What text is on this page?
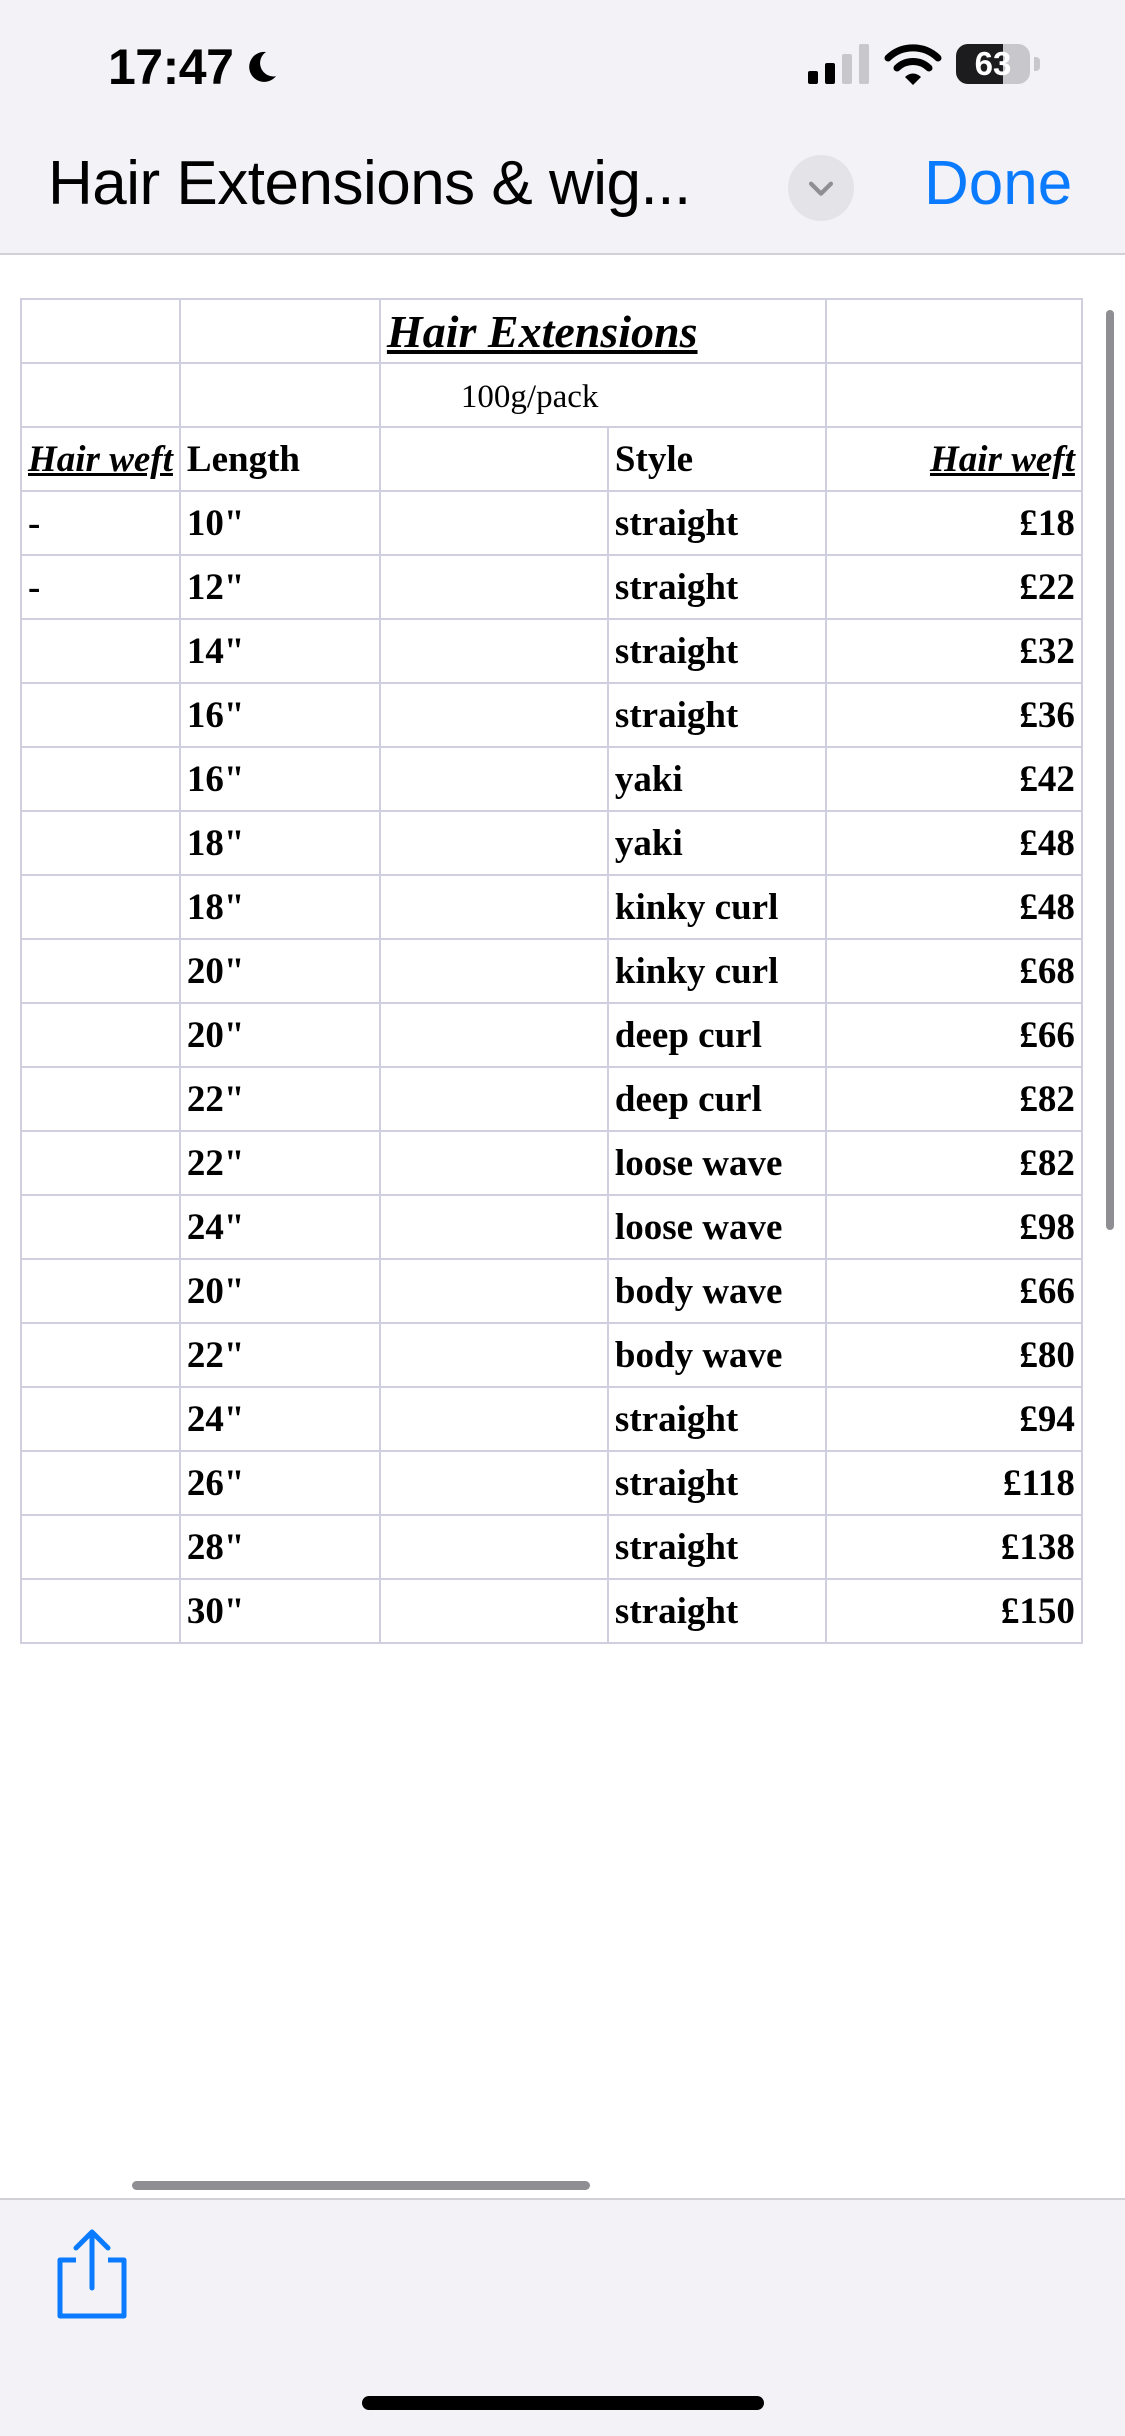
17:47	63
Hair Extensions & wig...	Done
		Hair Extensions		
		100g/pack		
Hair weft	Length		Style	Hair weft
-	10"		straight	£18
-	12"		straight	£22
	14"		straight	£32
	16"		straight	£36
	16"		yaki	£42
	18"		yaki	£48
	18"		kinky curl	£48
	20"		kinky curl	£68
	20"		deep curl	£66
	22"		deep curl	£82
	22"		loose wave	£82
	24"		loose wave	£98
	20"		body wave	£66
	22"		body wave	£80
	24"		straight	£94
	26"		straight	£118
	28"		straight	£138
	30"		straight	£150
